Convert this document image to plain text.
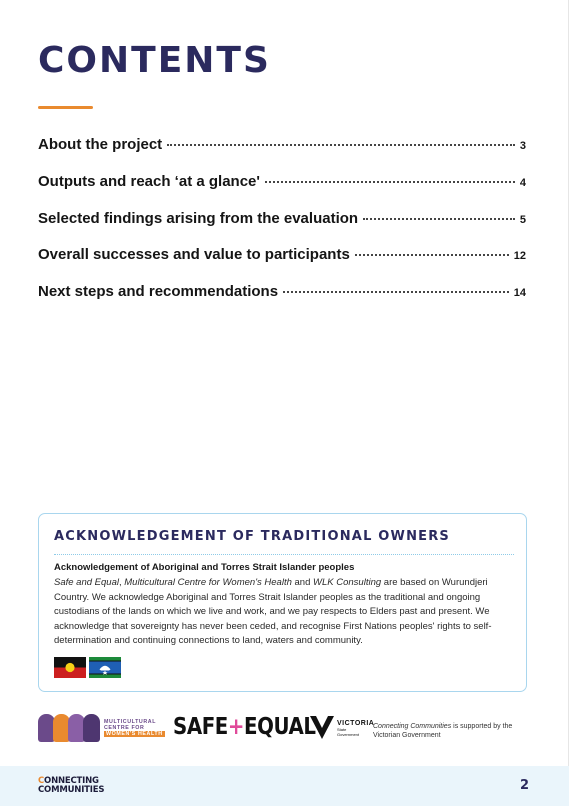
CONTENTS
About the project	3
Outputs and reach ‘at a glance'	4
Selected findings arising from the evaluation	5
Overall successes and value to participants	12
Next steps and recommendations	14
ACKNOWLEDGEMENT OF TRADITIONAL OWNERS
Acknowledgement of Aboriginal and Torres Strait Islander peoples

Safe and Equal, Multicultural Centre for Women's Health and WLK Consulting are based on Wurundjeri Country. We acknowledge Aboriginal and Torres Strait Islander peoples as the traditional and ongoing custodians of the lands on which we live and work, and we pay respects to Elders past and present. We acknowledge that sovereignty has never been ceded, and recognise First Nations peoples' rights to self-determination and continuing connections to land, waters and community.

MULTICULTURAL
CENTRE FOR
WOMEN'S HEALTH SAFE+EQUAL	VICTORIA
State
Government
Connecting Communities is supported by the Victorian Government
CONNECTING
COMMUNITIES	2
